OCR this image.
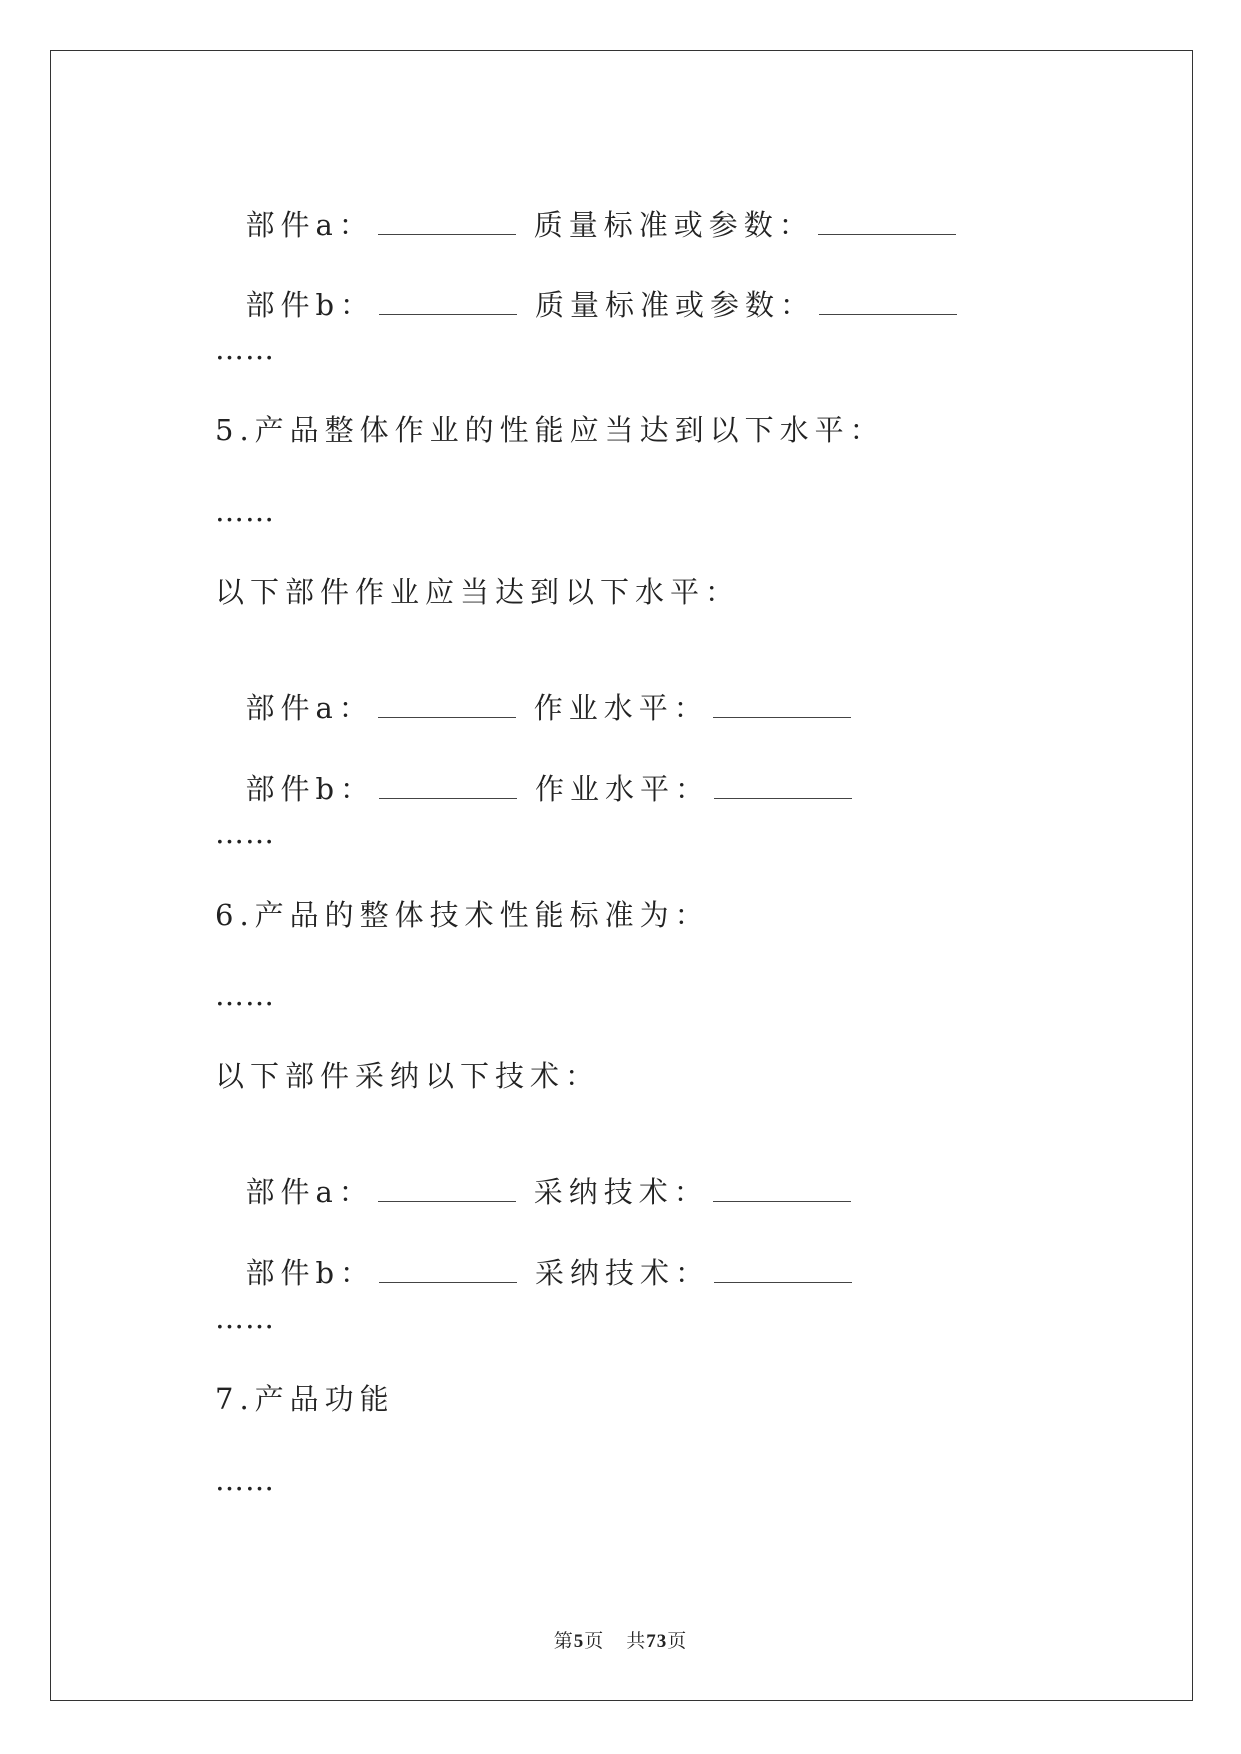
部件a：	质量标准或参数：

部件b：	质量标准或参数：

……
5.产品整体作业的性能应当达到以下水平：
……
以下部件作业应当达到以下水平：

部件a：	作业水平：

部件b：	作业水平：

……
6.产品的整体技术性能标准为：
……
以下部件采纳以下技术：

部件a：	采纳技术：

部件b：	采纳技术：

……
7.产品功能
……
第5页 共73页
